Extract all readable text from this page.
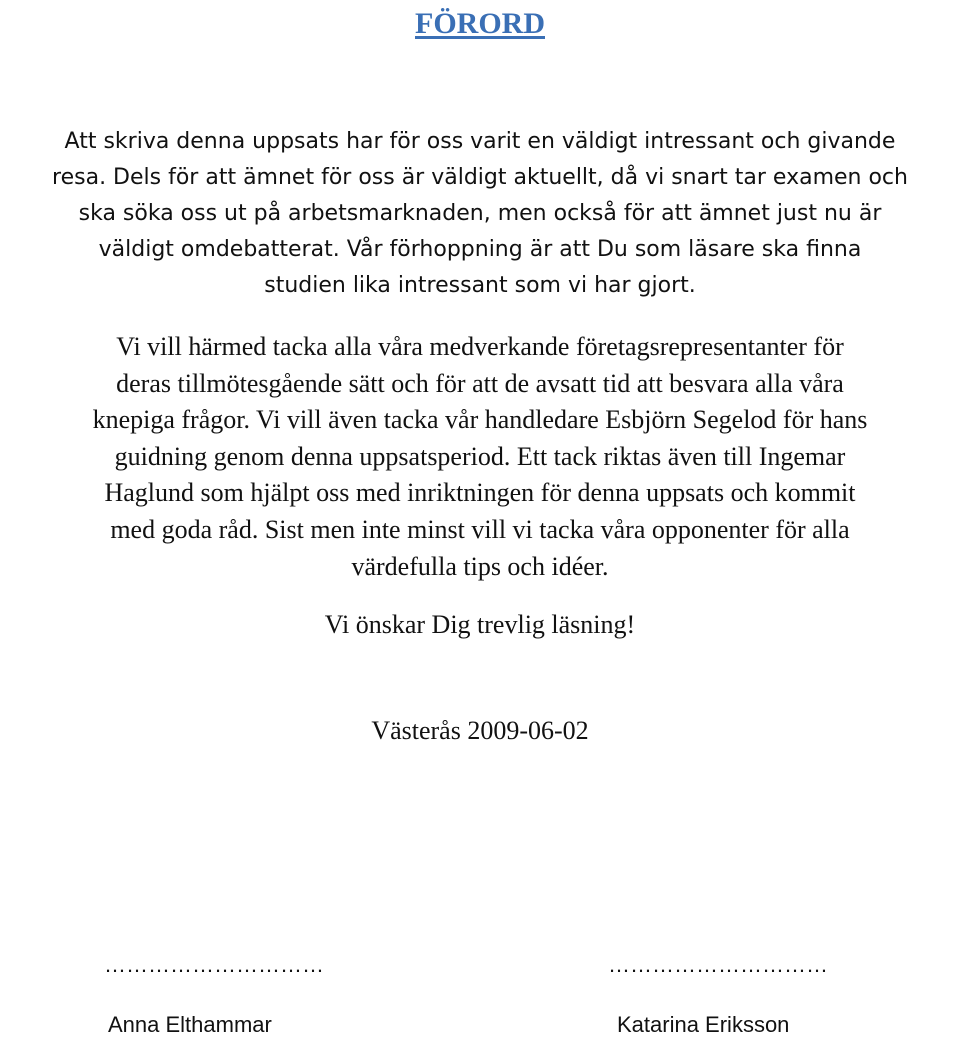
FÖRORD

Att skriva denna uppsats har för oss varit en väldigt intressant och givande
resa. Dels för att ämnet för oss är väldigt aktuellt, då vi snart tar examen och
ska söka oss ut på arbetsmarknaden, men också för att ämnet just nu är
väldigt omdebatterat. Vår förhoppning är att Du som läsare ska finna
studien lika intressant som vi har gjort.

Vi vill härmed tacka alla våra medverkande företagsrepresentanter för
deras tillmötesgående sätt och för att de avsatt tid att besvara alla våra
knepiga frågor. Vi vill även tacka vår handledare Esbjörn Segelod för hans
guidning genom denna uppsatsperiod. Ett tack riktas även till Ingemar
Haglund som hjälpt oss med inriktningen för denna uppsats och kommit
med goda råd. Sist men inte minst vill vi tacka våra opponenter för alla
värdefulla tips och idéer.

Vi önskar Dig trevlig läsning!

Västerås 2009-06-02

…………………………	…………………………
Anna Elthammar	Katarina Eriksson
